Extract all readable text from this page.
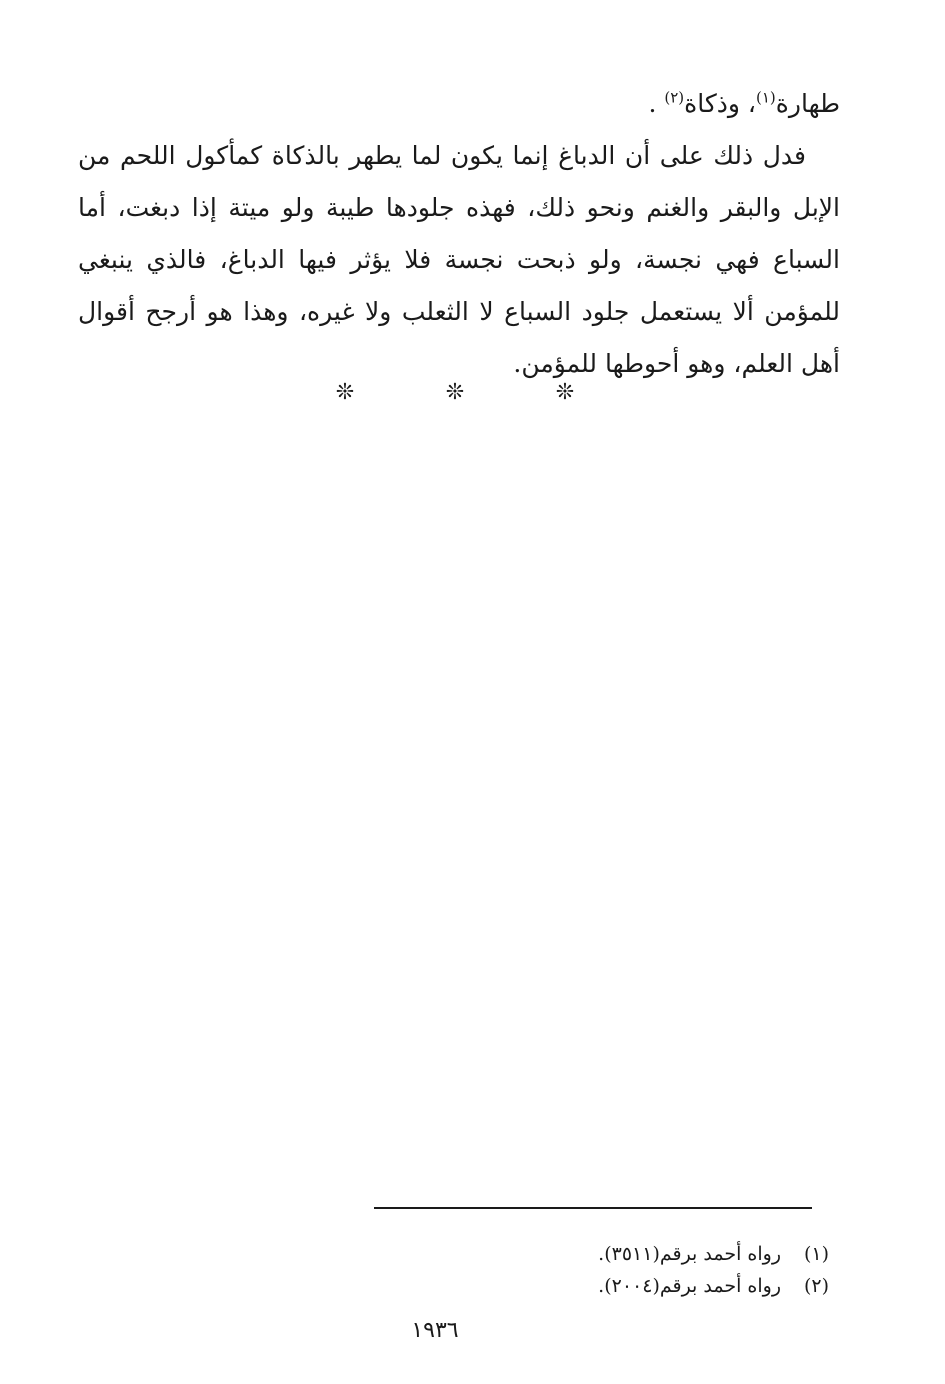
طهارة$^{(١)}$، وذكاة$^{(٢)}$ .

فدل ذلك على أن الدباغ إنما يكون لما يطهر بالذكاة كمأكول اللحم من الإبل والبقر والغنم ونحو ذلك، فهذه جلودها طيبة ولو ميتة إذا دبغت، أما السباع فهي نجسة، ولو ذبحت نجسة فلا يؤثر فيها الدباغ، فالذي ينبغي للمؤمن ألا يستعمل جلود السباع لا الثعلب ولا غيره، وهذا هو أرجح أقوال أهل العلم، وهو أحوطها للمؤمن.

❊
❊
❊
(١)
رواه أحمد برقم(٣٥١١).
(٢)
رواه أحمد برقم(٢٠٠٤).
١٩٣٦
